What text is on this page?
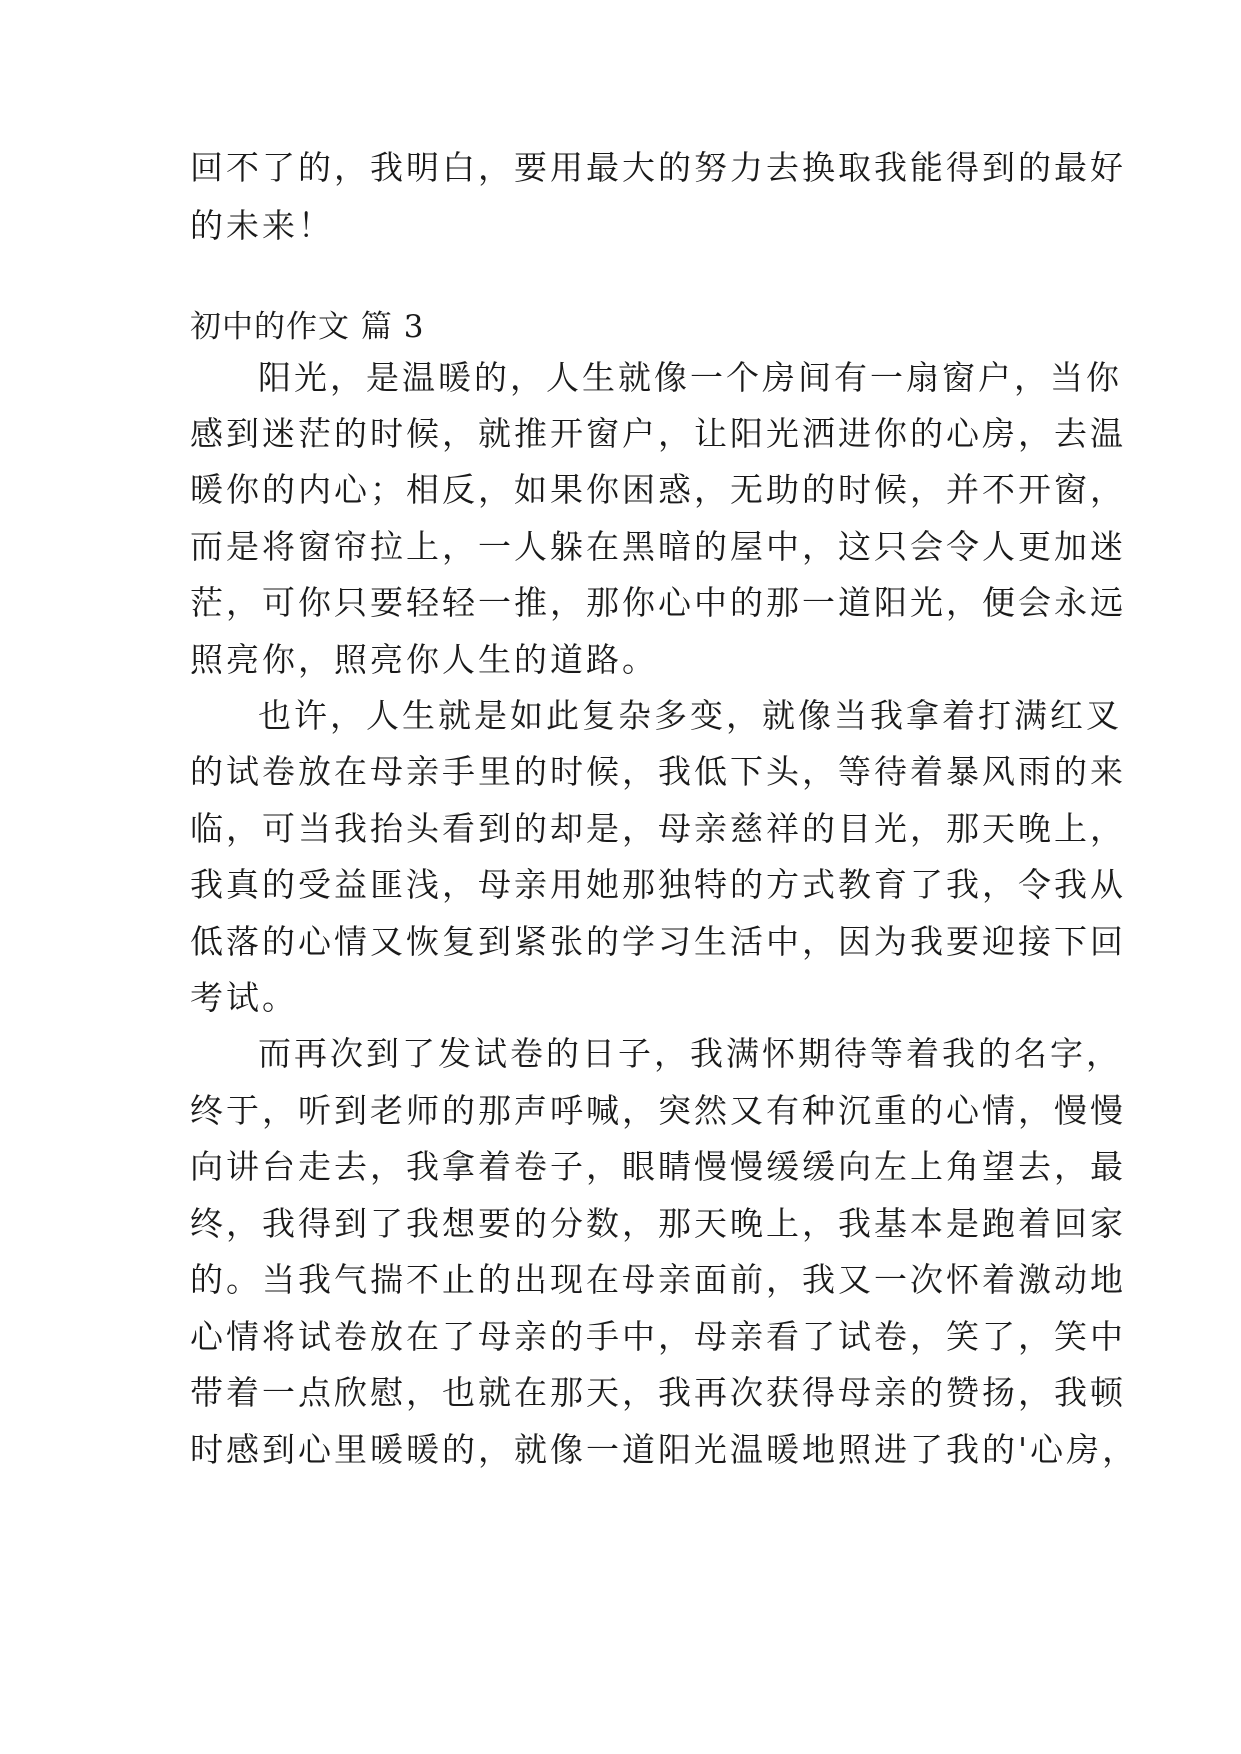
回不了的，我明白，要用最大的努力去换取我能得到的最好
的未来！
初中的作文 篇 3
阳光，是温暖的，人生就像一个房间有一扇窗户，当你
感到迷茫的时候，就推开窗户，让阳光洒进你的心房，去温
暖你的内心；相反，如果你困惑，无助的时候，并不开窗，
而是将窗帘拉上，一人躲在黑暗的屋中，这只会令人更加迷
茫，可你只要轻轻一推，那你心中的那一道阳光，便会永远
照亮你，照亮你人生的道路。
也许，人生就是如此复杂多变，就像当我拿着打满红叉
的试卷放在母亲手里的时候，我低下头，等待着暴风雨的来
临，可当我抬头看到的却是，母亲慈祥的目光，那天晚上，
我真的受益匪浅，母亲用她那独特的方式教育了我，令我从
低落的心情又恢复到紧张的学习生活中，因为我要迎接下回
考试。
而再次到了发试卷的日子，我满怀期待等着我的名字，
终于，听到老师的那声呼喊，突然又有种沉重的心情，慢慢
向讲台走去，我拿着卷子，眼睛慢慢缓缓向左上角望去，最
终，我得到了我想要的分数，那天晚上，我基本是跑着回家
的。当我气揣不止的出现在母亲面前，我又一次怀着激动地
心情将试卷放在了母亲的手中，母亲看了试卷，笑了，笑中
带着一点欣慰，也就在那天，我再次获得母亲的赞扬，我顿
时感到心里暖暖的，就像一道阳光温暖地照进了我的'心房，
